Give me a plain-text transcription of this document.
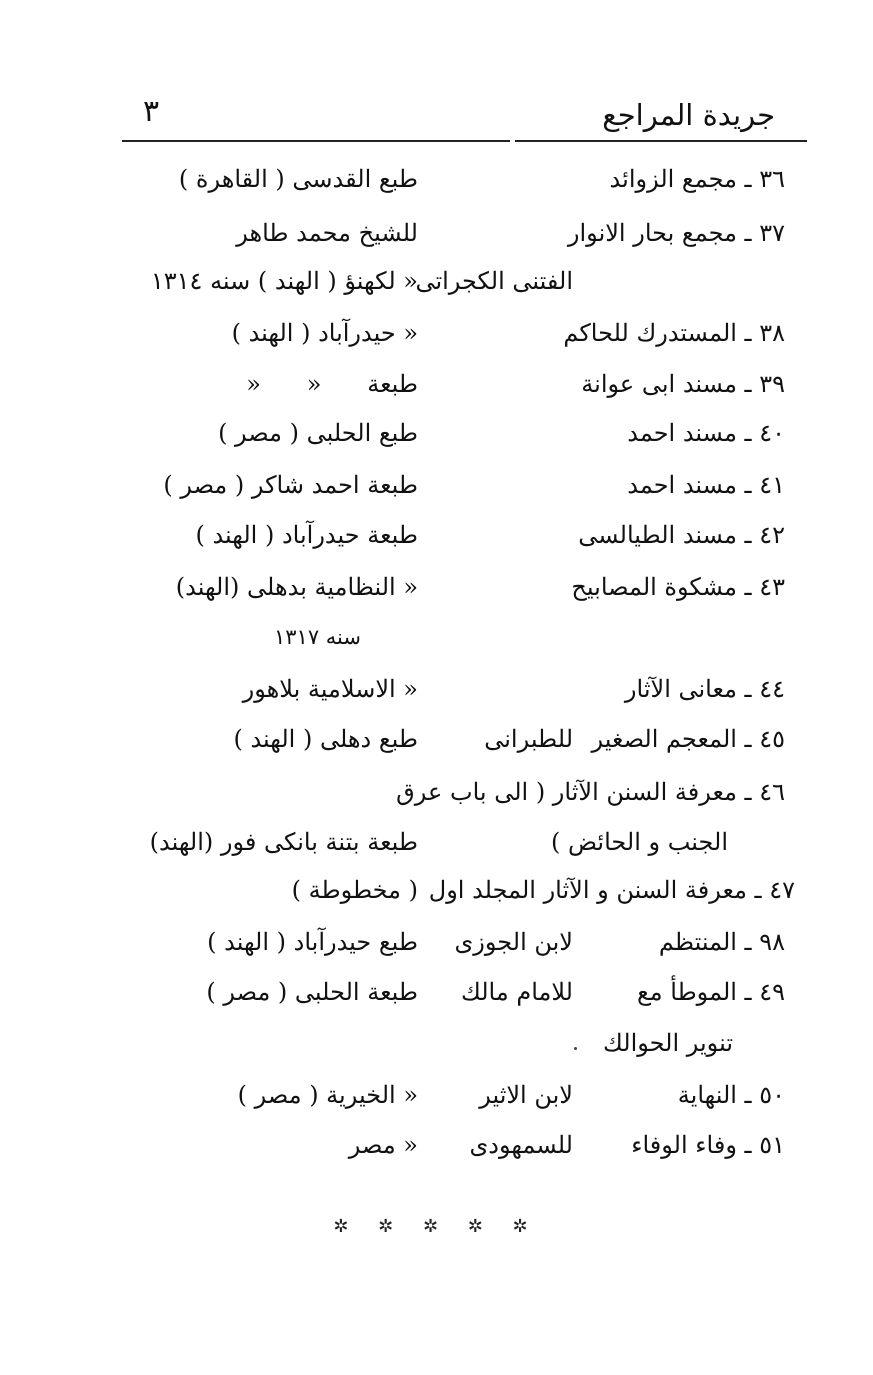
جريدة المراجع
٣
٣٦ ـ مجمع الزوائد
طبع القدسى ( القاهرة )
٣٧ ـ مجمع بحار الانوار
للشيخ محمد طاهر
الفتنى الكجراتى
« لكهنؤ ( الهند ) سنه ١٣١٤
٣٨ ـ المستدرك للحاكم
« حيدرآباد ( الهند )
٣٩ ـ مسند ابى عوانة
طبعة      «      «
٤٠ ـ مسند احمد
طبع الحلبى ( مصر )
٤١ ـ مسند احمد
طبعة احمد شاكر ( مصر )
٤٢ ـ مسند الطيالسى
طبعة حيدرآباد ( الهند )
٤٣ ـ مشكوة المصابيح
« النظامية بدهلى (الهند)
سنه ١٣١٧
٤٤ ـ معانى الآثار
« الاسلامية بلاهور
٤٥ ـ المعجم الصغير
للطبرانى
طبع دهلى ( الهند )
٤٦ ـ معرفة السنن الآثار ( الى باب عرق
الجنب و الحائض )
طبعة بتنة بانكى فور (الهند)
٤٧ ـ معرفة السنن و الآثار المجلد اول
( مخطوطة )
٩٨ ـ المنتظم
لابن الجوزى
طبع حيدرآباد ( الهند )
٤٩ ـ الموطأ مع
للامام مالك
طبعة الحلبى ( مصر )
تنوير الحوالك
٥٠ ـ النهاية
لابن الاثير
« الخيرية ( مصر )
٥١ ـ وفاء الوفاء
للسمهودى
« مصر
✲ ✲ ✲ ✲ ✲
